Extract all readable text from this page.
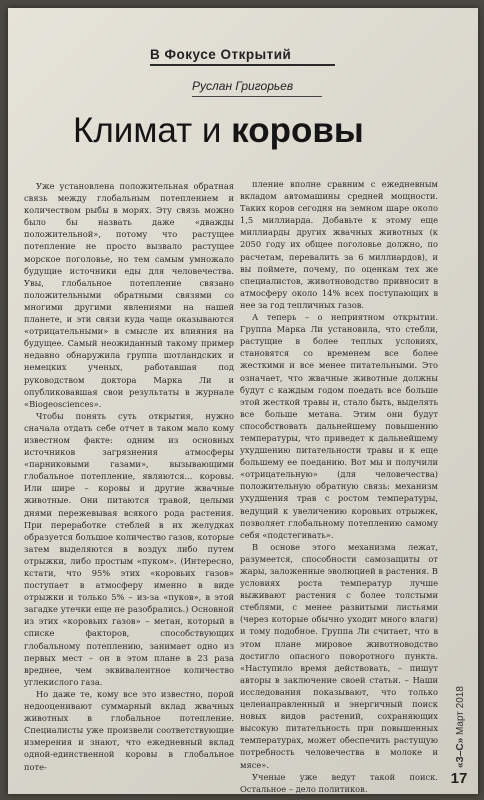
В Фокусе Открытий
Руслан Григорьев
Климат и коровы

Уже установлена положительная обратная связь между глобальным потеплением и количеством рыбы в морях. Эту связь можно было бы назвать даже «дважды положительной», потому что растущее потепление не просто вызвало растущее морское поголовье, но тем самым умножало будущие источники еды для человечества. Увы, глобальное потепление связано положительными обратными связями со многими другими явлениями на нашей планете, и эти связи куда чаще оказываются «отрицательными» в смысле их влияния на будущее. Самый неожиданный такому пример недавно обнаружила группа шотландских и немецких ученых, работавшая под руководством доктора Марка Ли и опубликовавшая свои результаты в журнале «Biogeosciences».

Чтобы понять суть открытия, нужно сначала отдать себе отчет в таком мало кому известном факте: одним из основных источников загрязнения атмосферы «парниковыми газами», вызывающими глобальное потепление, являются... коровы. Или шире – коровы и другие жвачные животные. Они питаются травой, целыми днями пережевывая всякого рода растения. При переработке стеблей в их желудках образуется большое количество газов, которые затем выделяются в воздух либо путем отрыжки, либо простым «пуком». (Интересно, кстати, что 95% этих «коровьих газов» поступает в атмосферу именно в виде отрыжки и только 5% – из-за «пуков», в этой загадке утечки еще не разобрались.) Основной из этих «коровьих газов» – метан, который в списке факторов, способствующих глобальному потеплению, занимает одно из первых мест – он в этом плане в 23 раза вреднее, чем эквивалентное количество углекислого газа.

Но даже те, кому все это известно, порой недооценивают суммарный вклад жвачных животных в глобальное потепление. Специалисты уже произвели соответствующие измерения и знают, что ежедневный вклад одной-единственной коровы в глобальное поте-

пление вполне сравним с ежедневным вкладом автомашины средней мощности. Таких коров сегодня на земном шаре около 1,5 миллиарда. Добавьте к этому еще миллиарды других жвачных животных (к 2050 году их общее поголовье должно, по расчетам, перевалить за 6 миллиардов), и вы поймете, почему, по оценкам тех же специалистов, животноводство привносит в атмосферу около 14% всех поступающих в нее за год тепличных газов.

А теперь – о неприятном открытии. Группа Марка Ли установила, что стебли, растущие в более теплых условиях, становятся со временем все более жесткими и все менее питательными. Это означает, что жвачные животные должны будут с каждым годом поедать все больше этой жесткой травы и, стало быть, выделять все больше метана. Этим они будут способствовать дальнейшему повышению температуры, что приведет к дальнейшему ухудшению питательности травы и к еще большему ее поеданию. Вот мы и получили «отрицательную» (для человечества) положительную обратную связь: механизм ухудшения трав с ростом температуры, ведущий к увеличению коровьих отрыжек, позволяет глобальному потеплению самому себя «подстегивать».

В основе этого механизма лежат, разумеется, способности самозащиты от жары, заложенные эволюцией в растения. В условиях роста температур лучше выживают растения с более толстыми стеблями, с менее развитыми листьями (через которые обычно уходит много влаги) и тому подобное. Группа Ли считает, что в этом плане мировое животноводство достигло опасного поворотного пункта. «Наступило время действовать, – пишут авторы в заключение своей статьи. – Наши исследования показывают, что только целенаправленный и энергичный поиск новых видов растений, сохраняющих высокую питательность при повышенных температурах, может обеспечить растущую потребность человечества в молоке и мясе».

Ученые уже ведут такой поиск. Остальное – дело политиков.

«З–С» Март 2018
17
